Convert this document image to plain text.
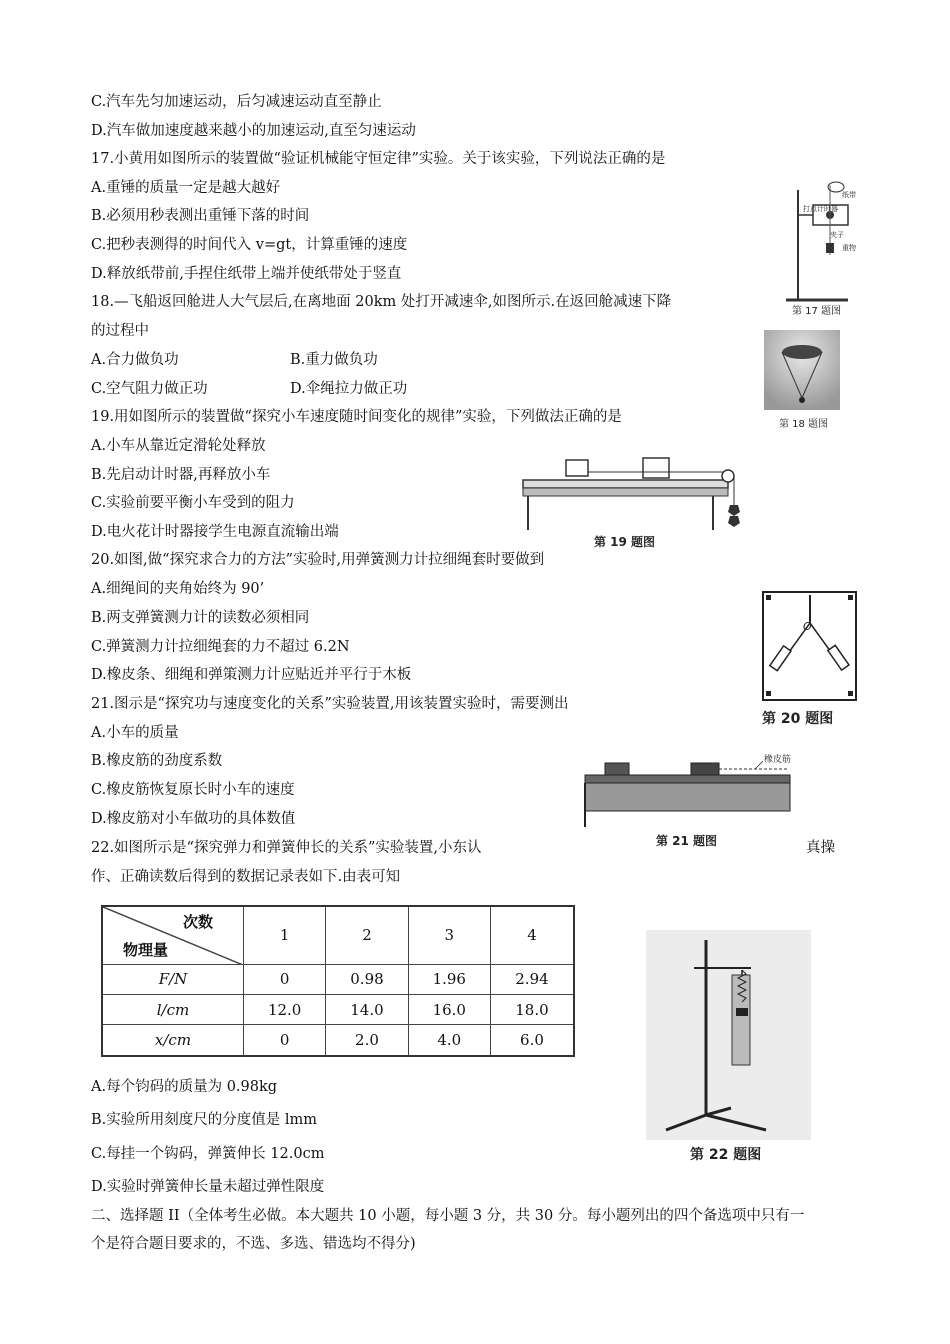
C.汽车先匀加速运动，后匀减速运动直至静止
D.汽车做加速度越来越小的加速运动,直至匀速运动
17.小黄用如图所示的装置做“验证机械能守恒定律”实验。关于该实验，下列说法正确的是
A.重锤的质量一定是越大越好
B.必须用秒表测出重锤下落的时间
C.把秒表测得的时间代入 v=gt，计算重锤的速度
D.释放纸带前,手捏住纸带上端并使纸带处于竖直
18.—飞船返回舱进人大气层后,在离地面 20km 处打开减速伞,如图所示.在返回舱减速下降
的过程中
A.合力做负功	B.重力做负功
C.空气阻力做正功	D.伞绳拉力做正功
19.用如图所示的装置做“探究小车速度随时间变化的规律”实验，下列做法正确的是
A.小车从靠近定滑轮处释放
B.先启动计时器,再释放小车
C.实验前要平衡小车受到的阻力
D.电火花计时器接学生电源直流输出端
20.如图,做“探究求合力的方法”实验时,用弹簧测力计拉细绳套时要做到
A.细绳间的夹角始终为 90’
B.两支弹簧测力计的读数必须相同
C.弹簧测力计拉细绳套的力不超过 6.2N
D.橡皮条、细绳和弹策测力计应贴近并平行于木板
21.图示是“探究功与速度变化的关系”实验装置,用该装置实验时，需要测出
A.小车的质量
B.橡皮筋的劲度系数
C.橡皮筋恢复原长时小车的速度
D.橡皮筋对小车做功的具体数值
22.如图所示是“探究弹力和弹簧伸长的关系”实验装置,小东认	真操
作、正确读数后得到的数据记录表如下.由表可知
次数
物理量	1	2	3	4
F/N	0	0.98	1.96	2.94
l/cm	12.0	14.0	16.0	18.0
x/cm	0	2.0	4.0	6.0
A.每个钧码的质量为 0.98kg
B.实验所用刻度尺的分度值是 lmm
C.每挂一个钩码，弹簧伸长 12.0cm
D.实验时弹簧伸长量未超过弹性限度
二、选择题 II（全体考生必做。本大题共 10 小题，每小题 3 分，共 30 分。每小题列出的四个备选项中只有一
个是符合题目要求的，不选、多选、错选均不得分)
打点计时器
纸带
夹子
重物
第 17 题图
第 18 题图
第 19 题图
O
第 20 题图
橡皮筋
第 21 题图
第 22 题图
